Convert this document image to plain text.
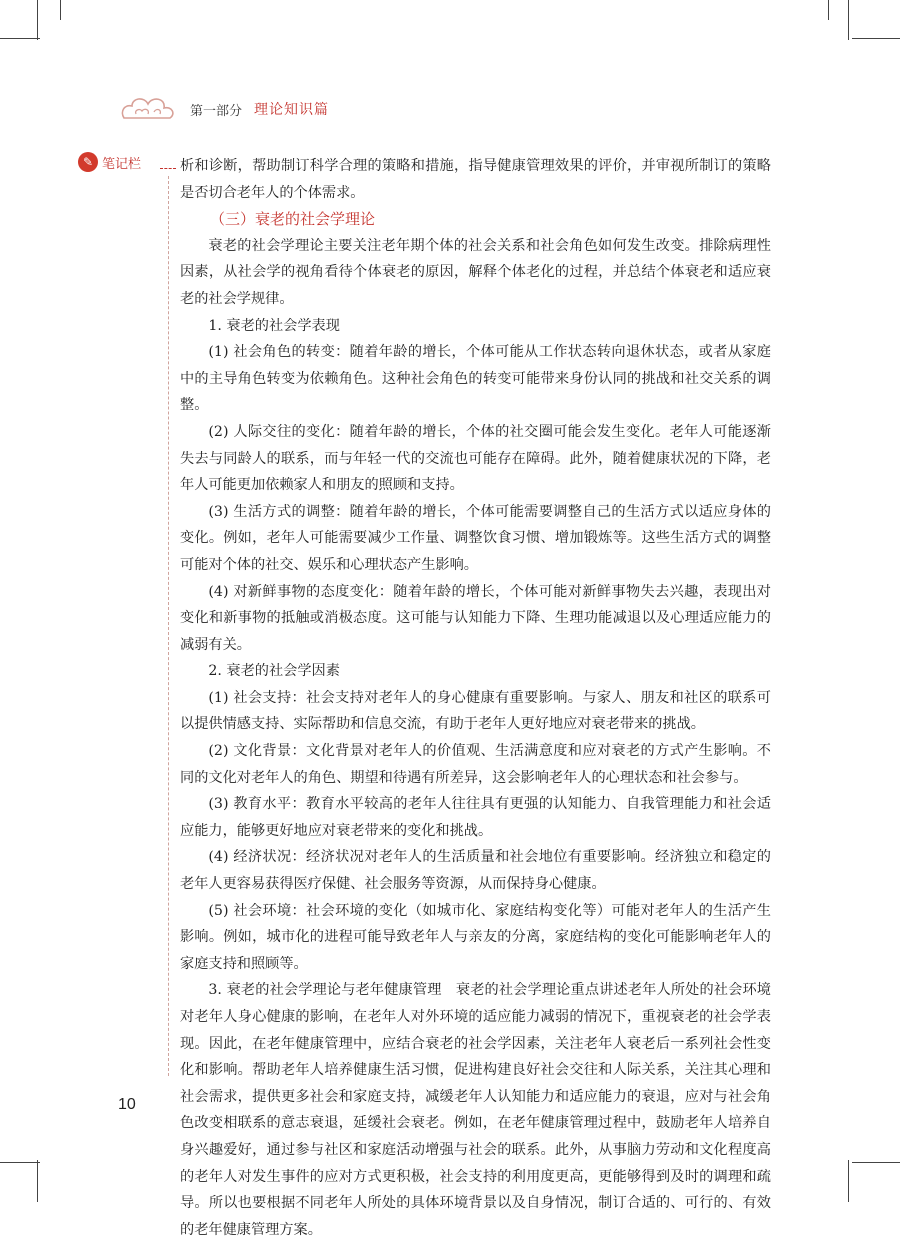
第一部分 理论知识篇
✎ 笔记栏	析和诊断，帮助制订科学合理的策略和措施，指导健康管理效果的评价，并审视所制订的策略是否切合老年人的个体需求。

（三）衰老的社会学理论

衰老的社会学理论主要关注老年期个体的社会关系和社会角色如何发生改变。排除病理性因素，从社会学的视角看待个体衰老的原因，解释个体老化的过程，并总结个体衰老和适应衰老的社会学规律。

1. 衰老的社会学表现

(1) 社会角色的转变：随着年龄的增长，个体可能从工作状态转向退休状态，或者从家庭中的主导角色转变为依赖角色。这种社会角色的转变可能带来身份认同的挑战和社交关系的调整。

(2) 人际交往的变化：随着年龄的增长，个体的社交圈可能会发生变化。老年人可能逐渐失去与同龄人的联系，而与年轻一代的交流也可能存在障碍。此外，随着健康状况的下降，老年人可能更加依赖家人和朋友的照顾和支持。

(3) 生活方式的调整：随着年龄的增长，个体可能需要调整自己的生活方式以适应身体的变化。例如，老年人可能需要减少工作量、调整饮食习惯、增加锻炼等。这些生活方式的调整可能对个体的社交、娱乐和心理状态产生影响。

(4) 对新鲜事物的态度变化：随着年龄的增长，个体可能对新鲜事物失去兴趣，表现出对变化和新事物的抵触或消极态度。这可能与认知能力下降、生理功能减退以及心理适应能力的减弱有关。

2. 衰老的社会学因素

(1) 社会支持：社会支持对老年人的身心健康有重要影响。与家人、朋友和社区的联系可以提供情感支持、实际帮助和信息交流，有助于老年人更好地应对衰老带来的挑战。

(2) 文化背景：文化背景对老年人的价值观、生活满意度和应对衰老的方式产生影响。不同的文化对老年人的角色、期望和待遇有所差异，这会影响老年人的心理状态和社会参与。

(3) 教育水平：教育水平较高的老年人往往具有更强的认知能力、自我管理能力和社会适应能力，能够更好地应对衰老带来的变化和挑战。

(4) 经济状况：经济状况对老年人的生活质量和社会地位有重要影响。经济独立和稳定的老年人更容易获得医疗保健、社会服务等资源，从而保持身心健康。

(5) 社会环境：社会环境的变化（如城市化、家庭结构变化等）可能对老年人的生活产生影响。例如，城市化的进程可能导致老年人与亲友的分离，家庭结构的变化可能影响老年人的家庭支持和照顾等。

3. 衰老的社会学理论与老年健康管理　衰老的社会学理论重点讲述老年人所处的社会环境对老年人身心健康的影响，在老年人对外环境的适应能力减弱的情况下，重视衰老的社会学表现。因此，在老年健康管理中，应结合衰老的社会学因素，关注老年人衰老后一系列社会性变化和影响。帮助老年人培养健康生活习惯，促进构建良好社会交往和人际关系，关注其心理和社会需求，提供更多社会和家庭支持，减缓老年人认知能力和适应能力的衰退，应对与社会角色改变相联系的意志衰退，延缓社会衰老。例如，在老年健康管理过程中，鼓励老年人培养自身兴趣爱好，通过参与社区和家庭活动增强与社会的联系。此外，从事脑力劳动和文化程度高的老年人对发生事件的应对方式更积极，社会支持的利用度更高，更能够得到及时的调理和疏导。所以也要根据不同老年人所处的具体环境背景以及自身情况，制订合适的、可行的、有效的老年健康管理方案。

10
